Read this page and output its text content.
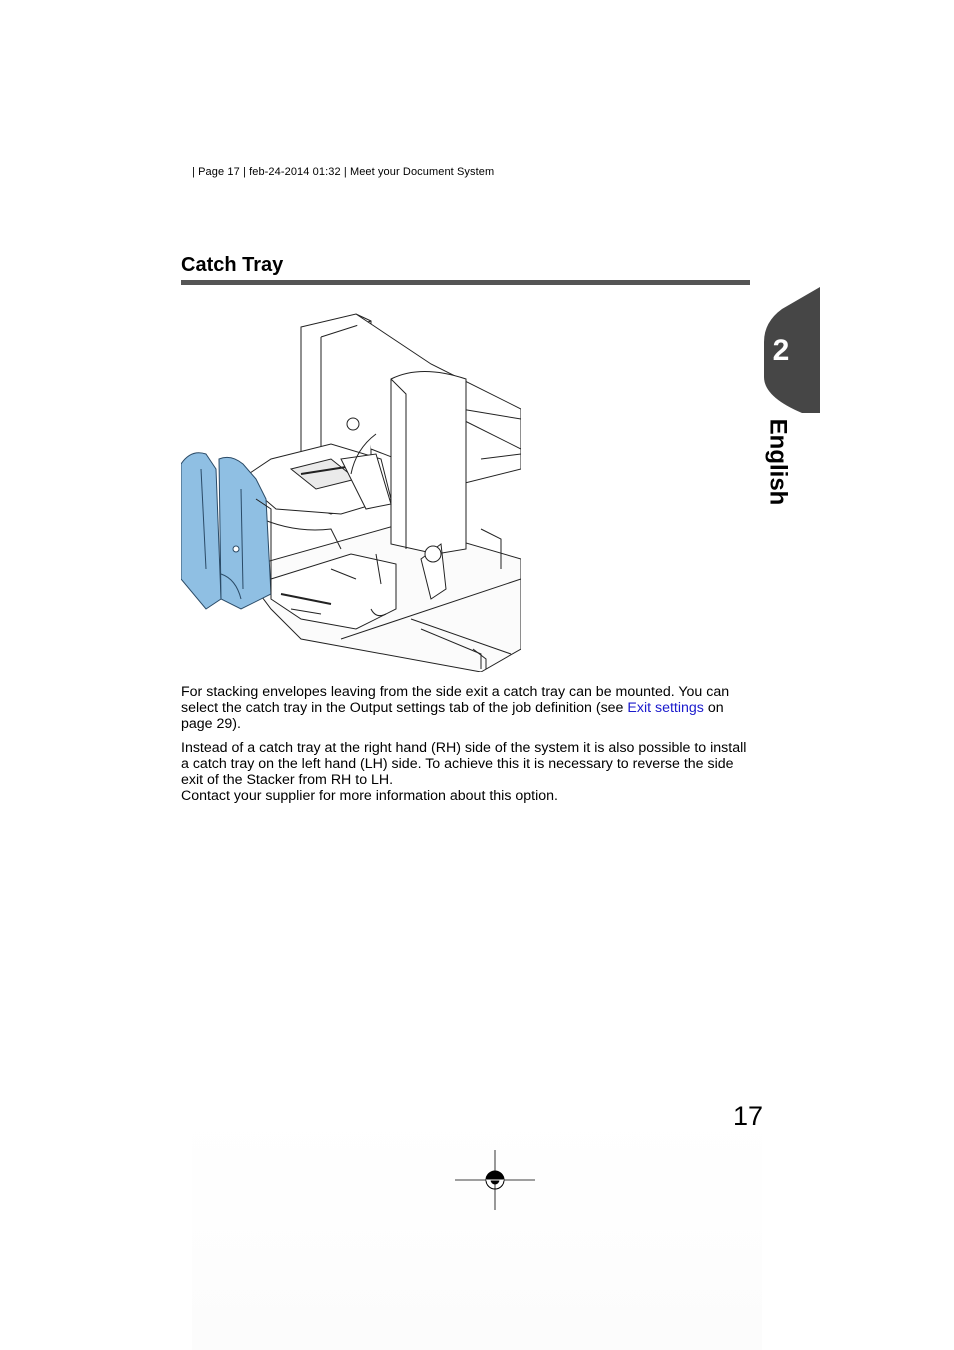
| Page 17 | feb-24-2014 01:32 | Meet your Document System
Catch Tray
2
English

For stacking envelopes leaving from the side exit a catch tray can be mounted. You can select the catch tray in the Output settings tab of the job definition (see Exit settings on page 29).

Instead of a catch tray at the right hand (RH) side of the system it is also possible to install a catch tray on the left hand (LH) side. To achieve this it is necessary to reverse the side exit of the Stacker from RH to LH.
Contact your supplier for more information about this option.

17
